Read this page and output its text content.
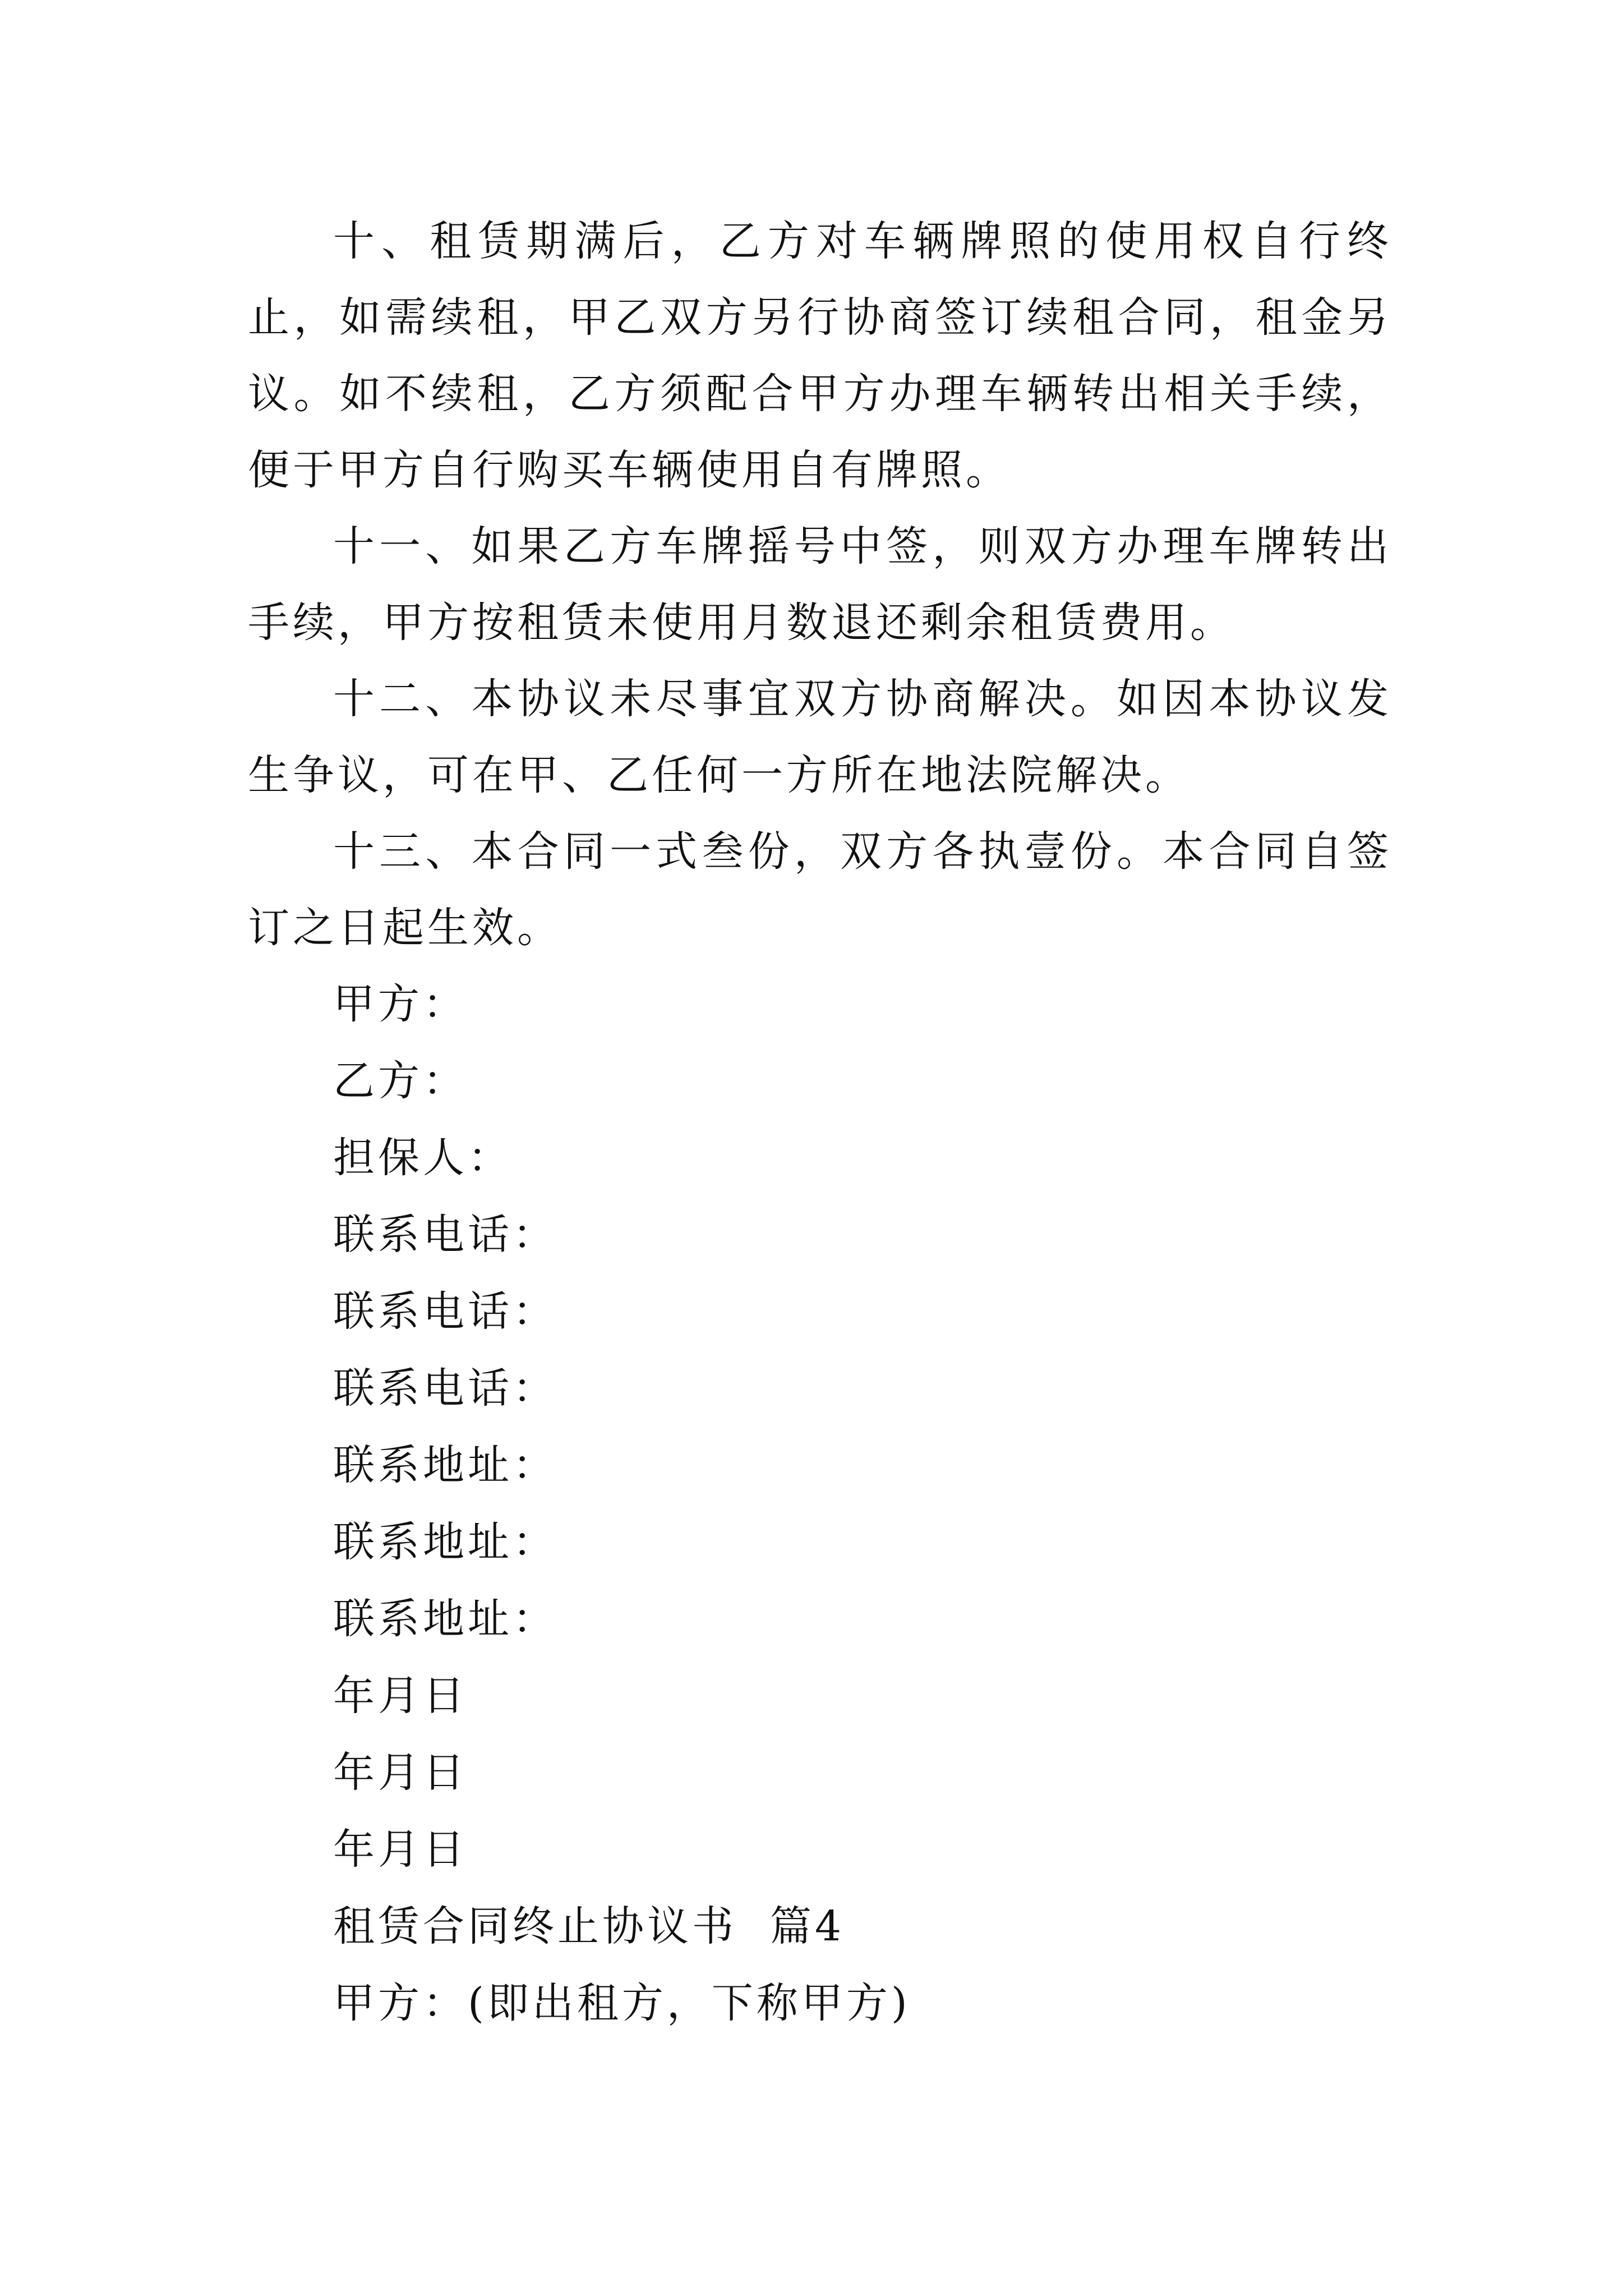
十、租赁期满后，乙方对车辆牌照的使用权自行终止，如需续租，甲乙双方另行协商签订续租合同，租金另议。如不续租，乙方须配合甲方办理车辆转出相关手续，便于甲方自行购买车辆使用自有牌照。

十一、如果乙方车牌摇号中签，则双方办理车牌转出手续，甲方按租赁未使用月数退还剩余租赁费用。

十二、本协议未尽事宜双方协商解决。如因本协议发生争议，可在甲、乙任何一方所在地法院解决。

十三、本合同一式叁份，双方各执壹份。本合同自签订之日起生效。

甲方：

乙方：

担保人：

联系电话：

联系电话：

联系电话：

联系地址：

联系地址：

联系地址：

年月日

年月日

年月日

租赁合同终止协议书  篇4

甲方：(即出租方，下称甲方)
